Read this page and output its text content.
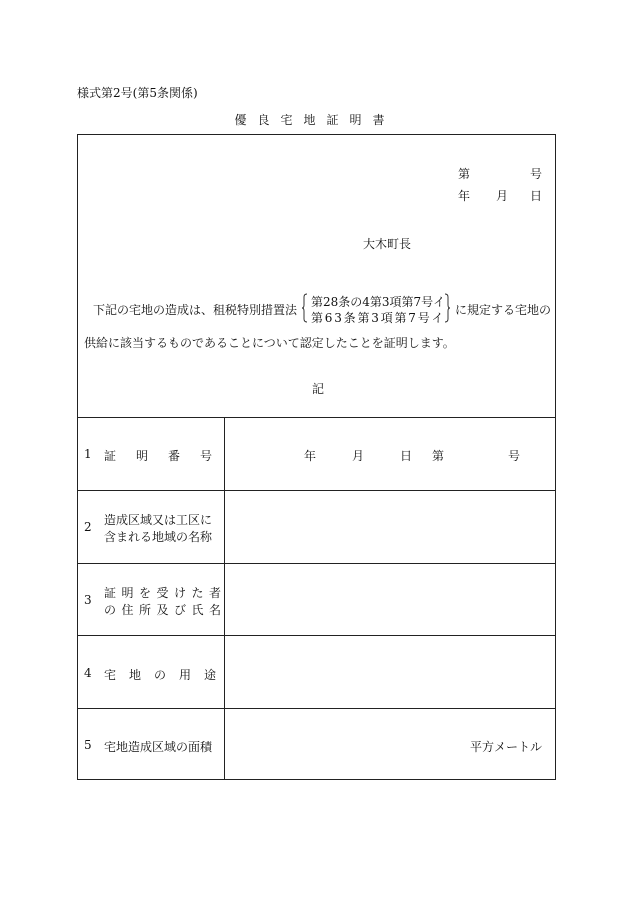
様式第2号(第5条関係)
優良宅地証明書
第	号
年 月 日
大木町長
下記の宅地の造成は、租税特別措置法
第28条の4第3項第7号イ
第63条第3項第7号イ
に規定する宅地の
供給に該当するものであることについて認定したことを証明します。
記
1 証明番号	年	月	日 第	号
2 造成区域又は工区に
含まれる地域の名称
3 証明を受けた者
の住所及び氏名
4 宅地の用途
5 宅地造成区域の面積	平方メートル
